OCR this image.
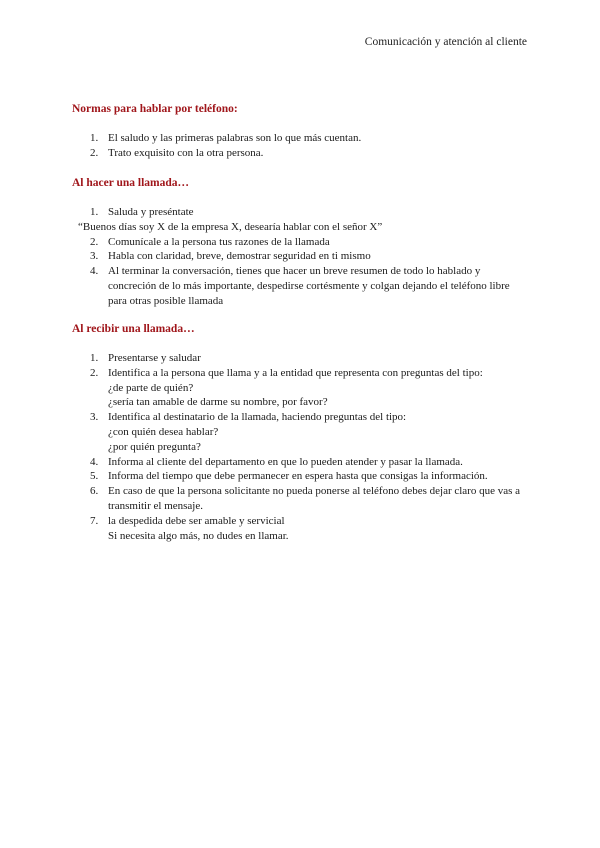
Comunicación y atención al cliente
Normas para hablar por teléfono:
1. El saludo y las primeras palabras son lo que más cuentan.
2. Trato exquisito con la otra persona.
Al hacer una llamada…
1. Saluda y preséntate
“Buenos días soy X de la empresa X, desearía hablar con el señor X”
2. Comunícale a la persona tus razones de la llamada
3. Habla con claridad, breve, demostrar seguridad en ti mismo
4. Al terminar la conversación, tienes que hacer un breve resumen de todo lo hablado y concreción de lo más importante, despedirse cortésmente y colgan dejando el teléfono libre para otras posible llamada
Al recibir una llamada…
1. Presentarse y saludar
2. Identifica a la persona que llama y a la entidad que representa con preguntas del tipo:
¿de parte de quién?
¿sería tan amable de darme su nombre, por favor?
3. Identifica al destinatario de la llamada, haciendo preguntas del tipo:
¿con quién desea hablar?
¿por quién pregunta?
4. Informa al cliente del departamento en que lo pueden atender y pasar la llamada.
5. Informa del tiempo que debe permanecer en espera hasta que consigas la información.
6. En caso de que la persona solicitante no pueda ponerse al teléfono debes dejar claro que vas a transmitir el mensaje.
7. la despedida debe ser amable y servicial
Si necesita algo más, no dudes en llamar.
